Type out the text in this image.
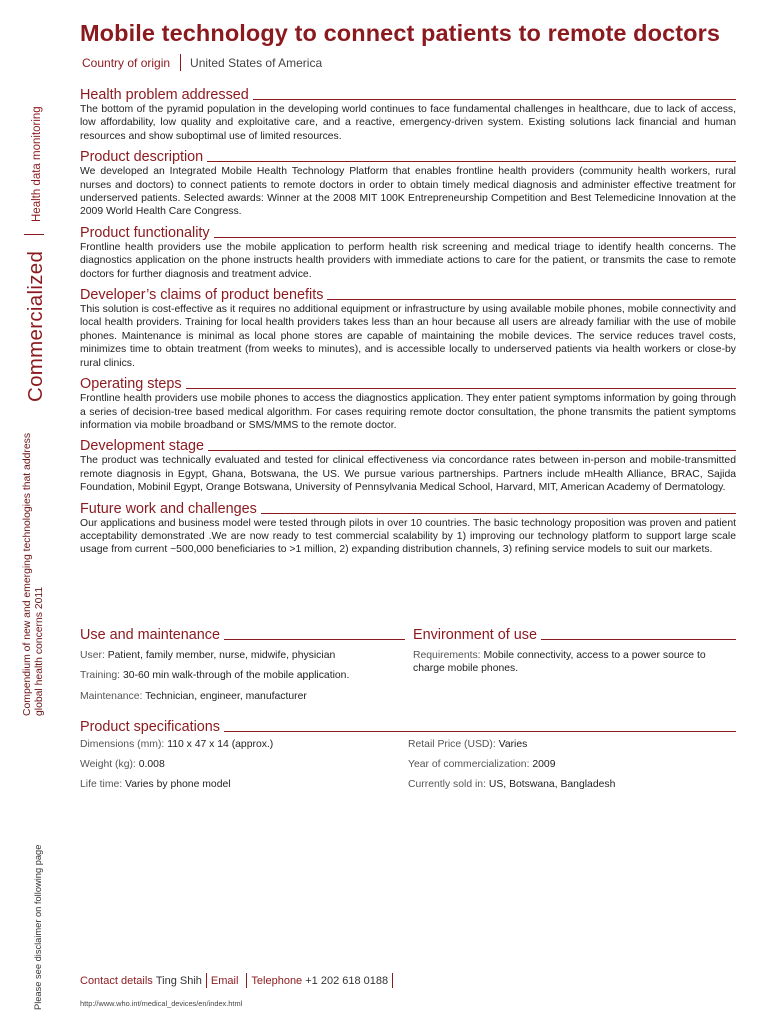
Mobile technology to connect patients to remote doctors
Country of origin United States of America
Health data monitoring
Commercialized
Compendium of new and emerging technologies that address global health concerns 2011
Please see disclaimer on following page
Health problem addressed
The bottom of the pyramid population in the developing world continues to face fundamental challenges in healthcare, due to lack of access, low affordability, low quality and exploitative care, and a reactive, emergency-driven system. Existing solutions lack financial and human resources and show suboptimal use of limited resources.
Product description
We developed an Integrated Mobile Health Technology Platform that enables frontline health providers (community health workers, rural nurses and doctors) to connect patients to remote doctors in order to obtain timely medical diagnosis and administer effective treatment for underserved patients. Selected awards: Winner at the 2008 MIT 100K Entrepreneurship Competition and Best Telemedicine Innovation at the 2009 World Health Care Congress.
Product functionality
Frontline health providers use the mobile application to perform health risk screening and medical triage to identify health concerns. The diagnostics application on the phone instructs health providers with immediate actions to care for the patient, or transmits the case to remote doctors for further diagnosis and treatment advice.
Developer’s claims of product benefits
This solution is cost-effective as it requires no additional equipment or infrastructure by using available mobile phones, mobile connectivity and local health providers. Training for local health providers takes less than an hour because all users are already familiar with the use of mobile phones. Maintenance is minimal as local phone stores are capable of maintaining the mobile devices. The service reduces travel costs, minimizes time to obtain treatment (from weeks to minutes), and is accessible locally to underserved patients via health workers or close-by rural clinics.
Operating steps
Frontline health providers use mobile phones to access the diagnostics application. They enter patient symptoms information by going through a series of decision-tree based medical algorithm. For cases requiring remote doctor consultation, the phone transmits the patient symptoms information via mobile broadband or SMS/MMS to the remote doctor.
Development stage
The product was technically evaluated and tested for clinical effectiveness via concordance rates between in-person and mobile-transmitted remote diagnosis in Egypt, Ghana, Botswana, the US. We pursue various partnerships. Partners include mHealth Alliance, BRAC, Sajida Foundation, Mobinil Egypt, Orange Botswana, University of Pennsylvania Medical School, Harvard, MIT, American Academy of Dermatology.
Future work and challenges
Our applications and business model were tested through pilots in over 10 countries. The basic technology proposition was proven and patient acceptability demonstrated .We are now ready to test commercial scalability by 1) improving our technology platform to support large scale usage from current ~500,000 beneficiaries to >1 million, 2) expanding distribution channels, 3) refining service models to suit our markets.
Use and maintenance
User: Patient, family member, nurse, midwife, physician
Training: 30-60 min walk-through of the mobile application.
Maintenance: Technician, engineer, manufacturer
Environment of use
Requirements: Mobile connectivity, access to a power source to charge mobile phones.
Product specifications
Dimensions (mm): 110 x 47 x 14 (approx.)
Weight (kg): 0.008
Life time: Varies by phone model
Retail Price (USD): Varies
Year of commercialization: 2009
Currently sold in: US, Botswana, Bangladesh
Contact details
Ting Shih Email Telephone
+1 202 618 0188
http://www.who.int/medical_devices/en/index.html
